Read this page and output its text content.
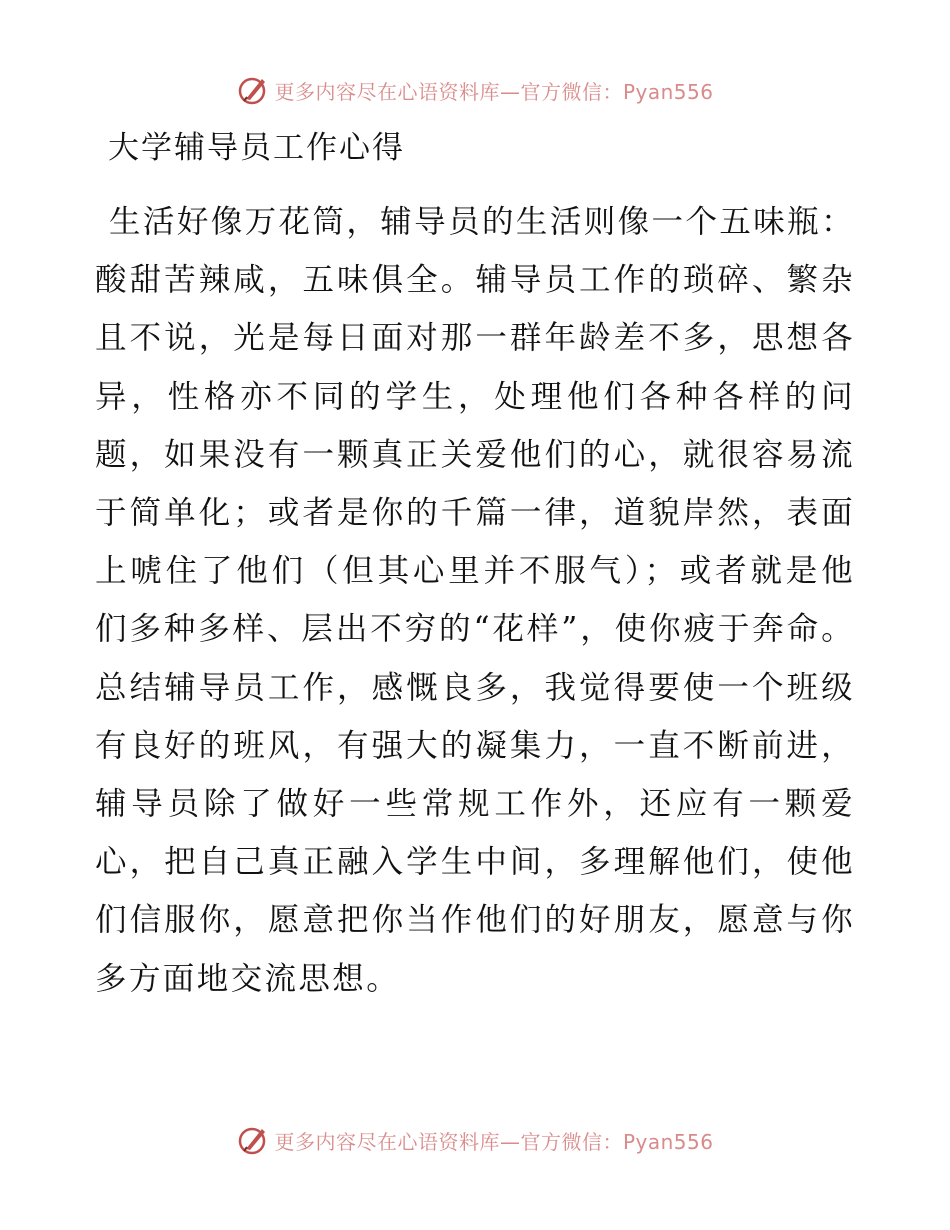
更多内容尽在心语资料库—官方微信：Pyan556
大学辅导员工作心得

生活好像万花筒，辅导员的生活则像一个五味瓶：酸甜苦辣咸，五味俱全。辅导员工作的琐碎、繁杂且不说，光是每日面对那一群年龄差不多，思想各异，性格亦不同的学生，处理他们各种各样的问题，如果没有一颗真正关爱他们的心，就很容易流于简单化；或者是你的千篇一律，道貌岸然，表面上唬住了他们（但其心里并不服气）；或者就是他们多种多样、层出不穷的“花样”，使你疲于奔命。总结辅导员工作，感慨良多，我觉得要使一个班级有良好的班风，有强大的凝集力，一直不断前进，辅导员除了做好一些常规工作外，还应有一颗爱心，把自己真正融入学生中间，多理解他们，使他们信服你，愿意把你当作他们的好朋友，愿意与你多方面地交流思想。

更多内容尽在心语资料库—官方微信：Pyan556
